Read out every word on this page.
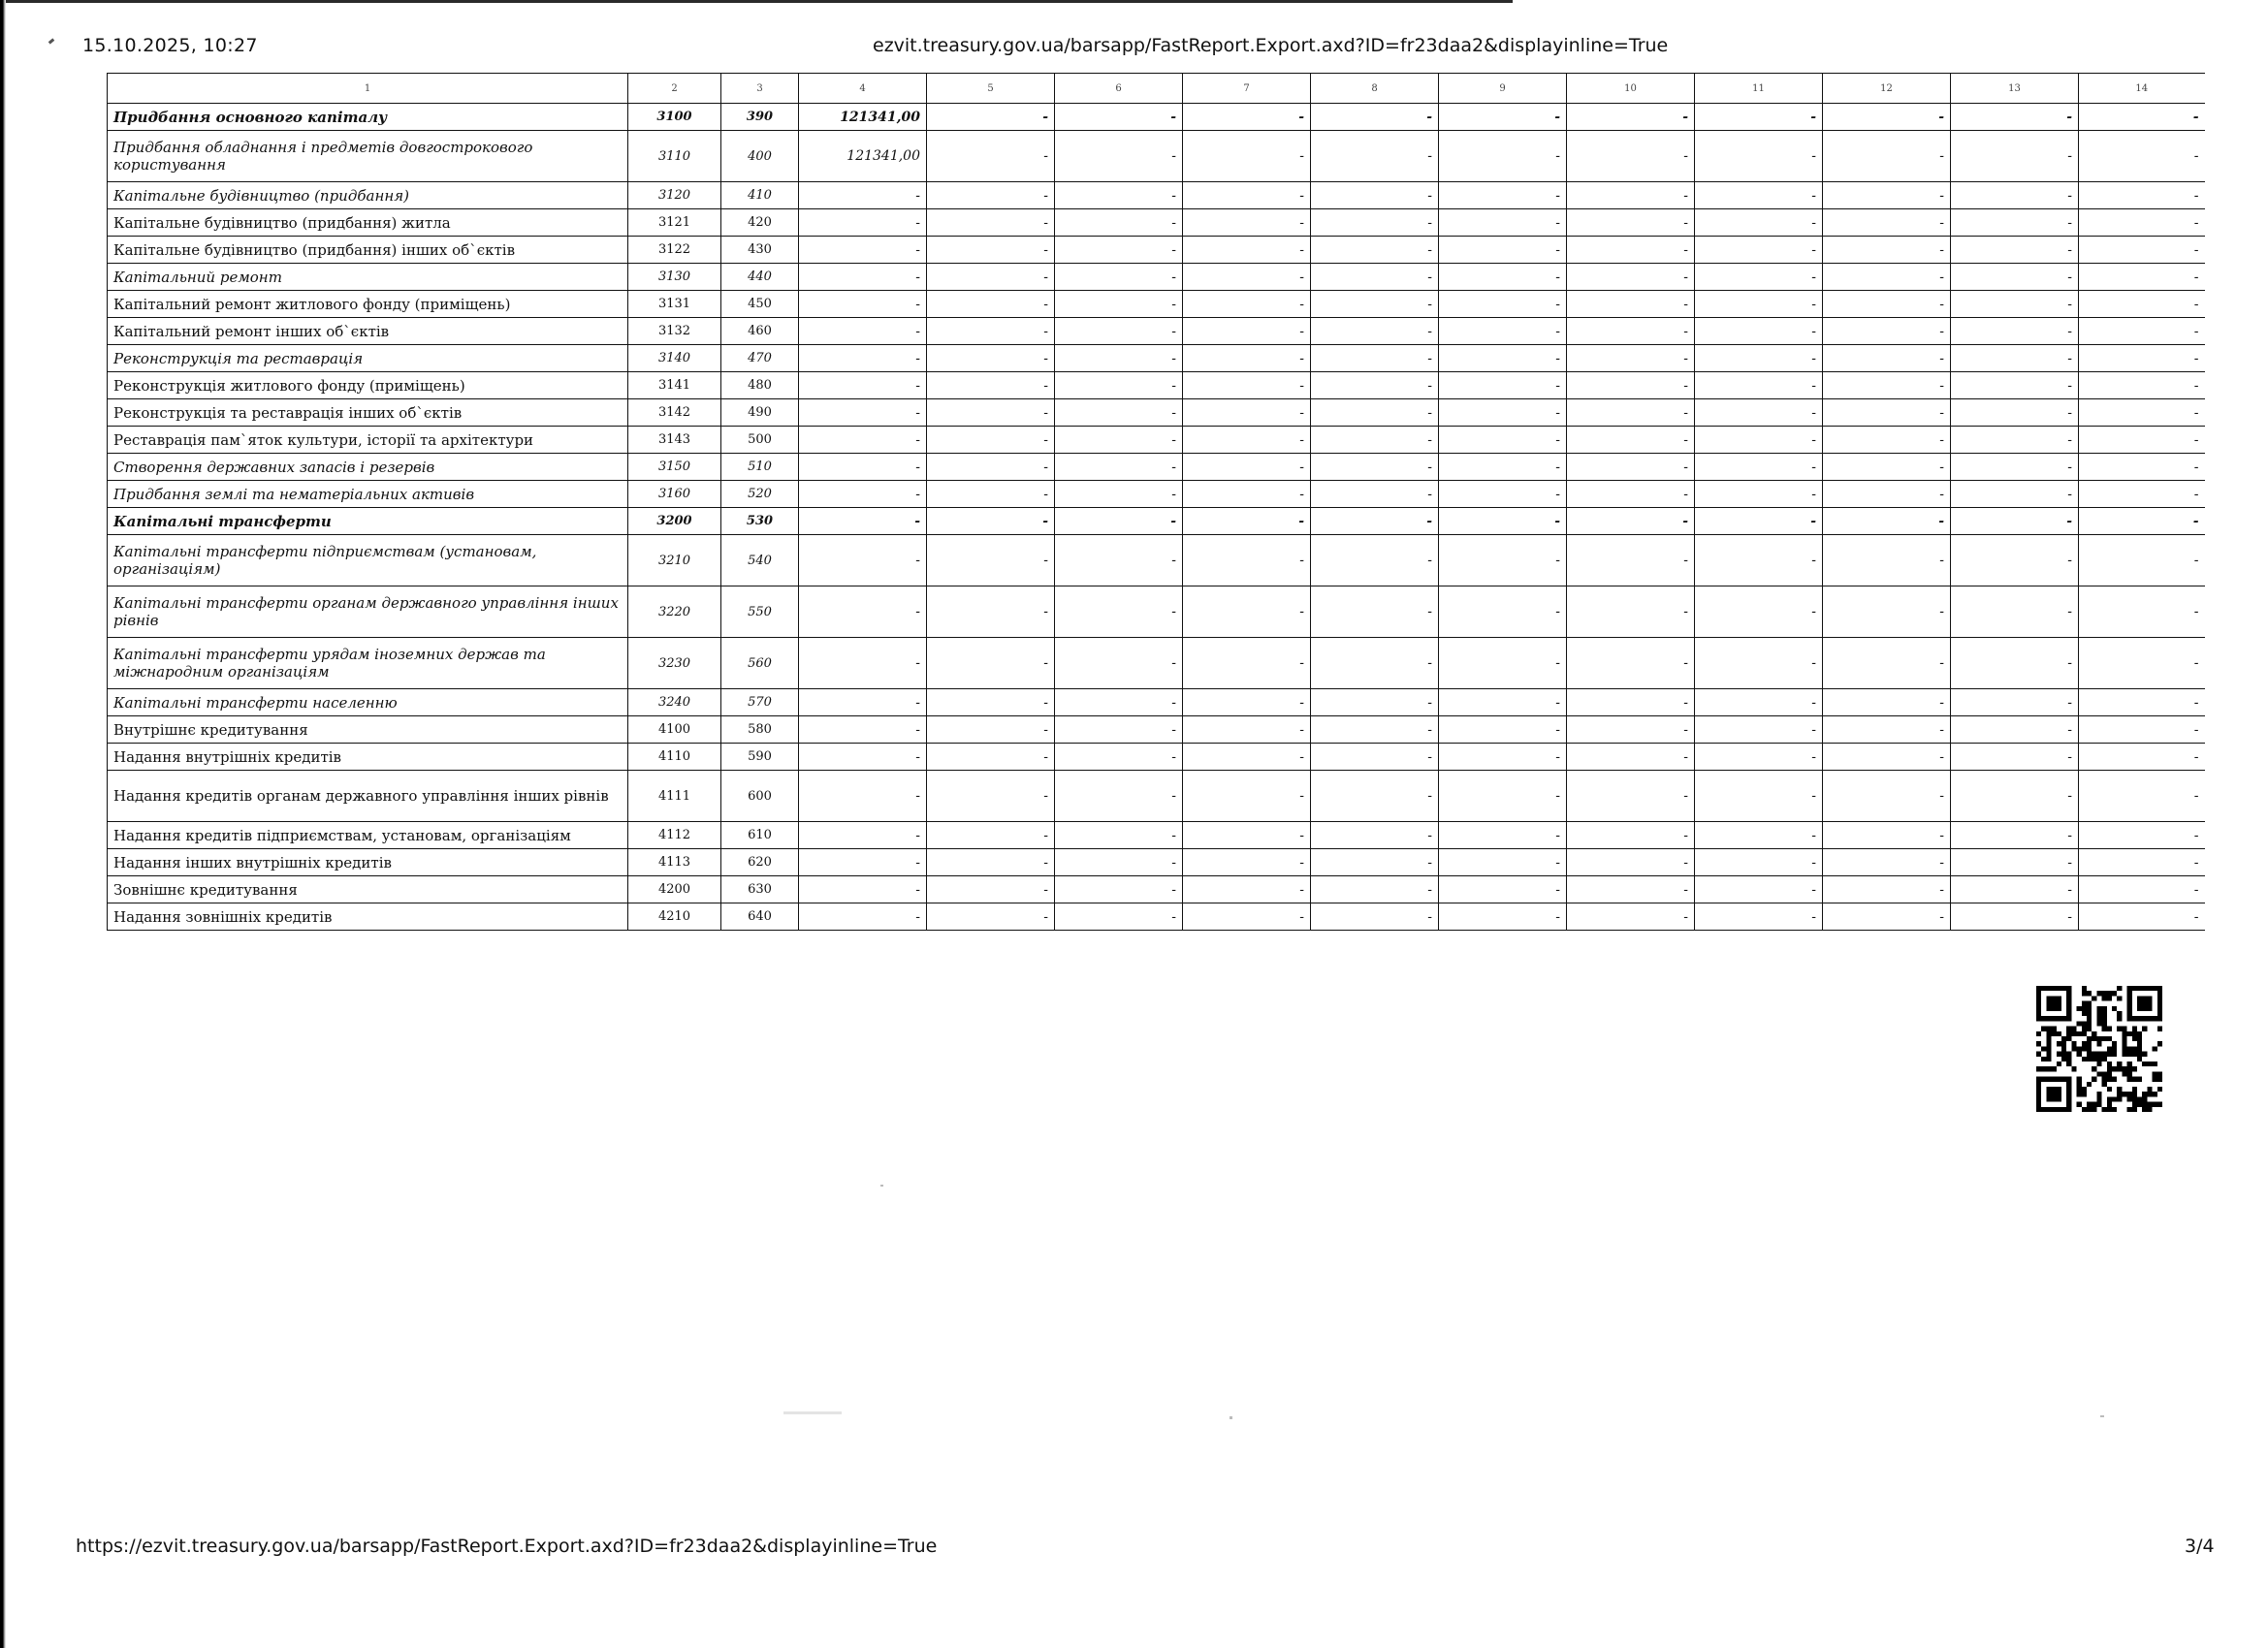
15.10.2025, 10:27	ezvit.treasury.gov.ua/barsapp/FastReport.Export.axd?ID=fr23daa2&displayinline=True
1	2	3	4	5	6	7	8	9	10	11	12	13	14
Придбання основного капіталу	3100	390	121341,00	-	-	-	-	-	-	-	-	-	-
Придбання обладнання і предметів довгострокового користування	3110	400	121341,00	-	-	-	-	-	-	-	-	-	-
Капітальне будівництво (придбання)	3120	410	-	-	-	-	-	-	-	-	-	-	-
Капітальне будівництво (придбання) житла	3121	420	-	-	-	-	-	-	-	-	-	-	-
Капітальне будівництво (придбання) інших об`єктів	3122	430	-	-	-	-	-	-	-	-	-	-	-
Капітальний ремонт	3130	440	-	-	-	-	-	-	-	-	-	-	-
Капітальний ремонт житлового фонду (приміщень)	3131	450	-	-	-	-	-	-	-	-	-	-	-
Капітальний ремонт інших об`єктів	3132	460	-	-	-	-	-	-	-	-	-	-	-
Реконструкція та реставрація	3140	470	-	-	-	-	-	-	-	-	-	-	-
Реконструкція житлового фонду (приміщень)	3141	480	-	-	-	-	-	-	-	-	-	-	-
Реконструкція та реставрація інших об`єктів	3142	490	-	-	-	-	-	-	-	-	-	-	-
Реставрація пам`яток культури, історії та архітектури	3143	500	-	-	-	-	-	-	-	-	-	-	-
Створення державних запасів і резервів	3150	510	-	-	-	-	-	-	-	-	-	-	-
Придбання землі та нематеріальних активів	3160	520	-	-	-	-	-	-	-	-	-	-	-
Капітальні трансферти	3200	530	-	-	-	-	-	-	-	-	-	-	-
Капітальні трансферти підприємствам (установам, організаціям)	3210	540	-	-	-	-	-	-	-	-	-	-	-
Капітальні трансферти органам державного управління інших рівнів	3220	550	-	-	-	-	-	-	-	-	-	-	-
Капітальні трансферти урядам іноземних держав та міжнародним організаціям	3230	560	-	-	-	-	-	-	-	-	-	-	-
Капітальні трансферти населенню	3240	570	-	-	-	-	-	-	-	-	-	-	-
Внутрішнє кредитування	4100	580	-	-	-	-	-	-	-	-	-	-	-
Надання внутрішніх кредитів	4110	590	-	-	-	-	-	-	-	-	-	-	-
Надання кредитів органам державного управління інших рівнів	4111	600	-	-	-	-	-	-	-	-	-	-	-
Надання кредитів підприємствам, установам, організаціям	4112	610	-	-	-	-	-	-	-	-	-	-	-
Надання інших внутрішніх кредитів	4113	620	-	-	-	-	-	-	-	-	-	-	-
Зовнішнє кредитування	4200	630	-	-	-	-	-	-	-	-	-	-	-
Надання зовнішніх кредитів	4210	640	-	-	-	-	-	-	-	-	-	-	-
https://ezvit.treasury.gov.ua/barsapp/FastReport.Export.axd?ID=fr23daa2&displayinline=True	3/4
